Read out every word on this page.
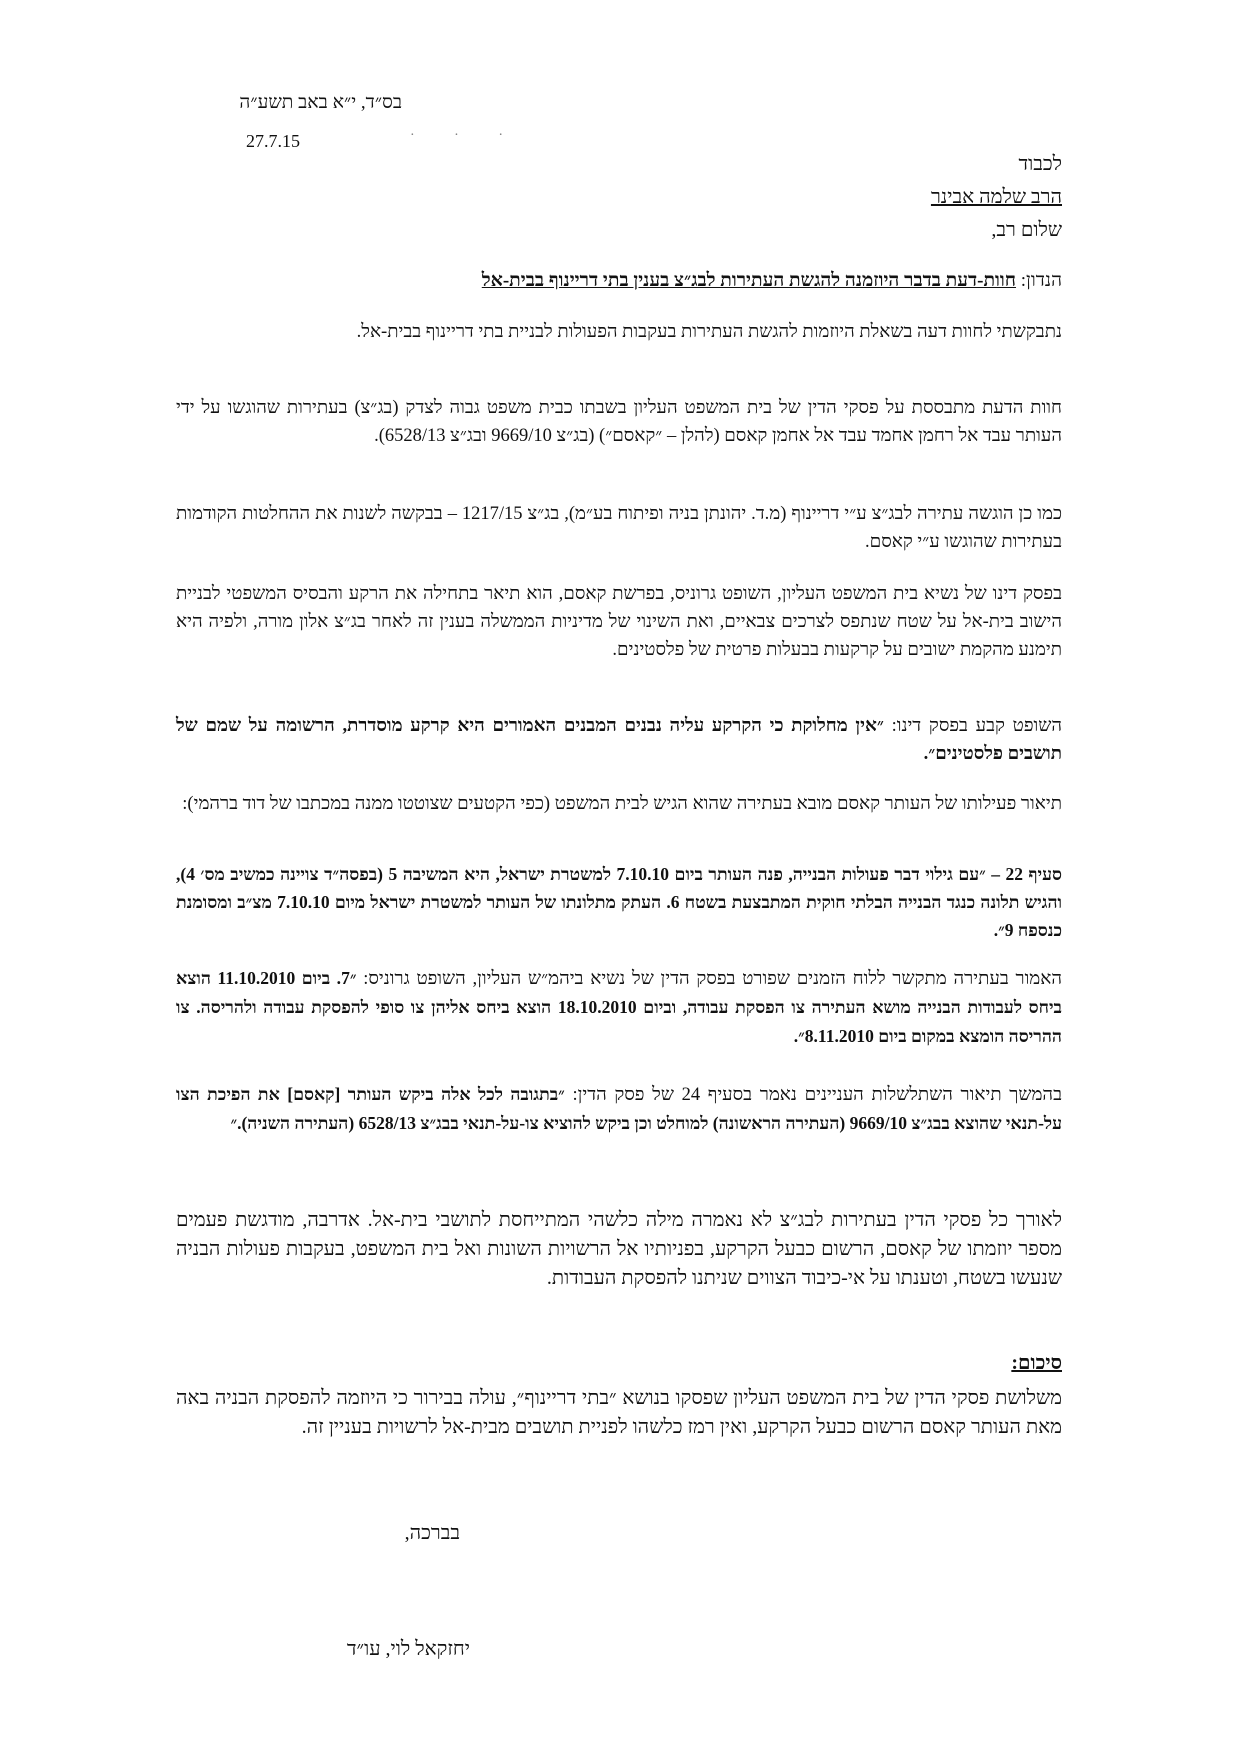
בס״ד, י״א באב תשע״ה
27.7.15	· · ·
לכבוד
הרב שלמה אבינר
שלום רב,
הנדון: חוות-דעת בדבר היוזמנה להגשת העתירות לבג״צ בענין בתי דריינוף בבית-אל
נתבקשתי לחוות דעה בשאלת היוזמות להגשת העתירות בעקבות הפעולות לבניית בתי דריינוף בבית-אל.
חוות הדעת מתבססת על פסקי הדין של בית המשפט העליון בשבתו כבית משפט גבוה לצדק (בג״צ) בעתירות שהוגשו על ידי העותר עבד אל רחמן אחמד עבד אל אחמן קאסם (להלן – ״קאסם״) (בג״צ 9669/10 ובג״צ 6528/13).
כמו כן הוגשה עתירה לבג״צ ע״י דריינוף (מ.ד. יהונתן בניה ופיתוח בע״מ), בג״צ 1217/15 – בבקשה לשנות את ההחלטות הקודמות בעתירות שהוגשו ע״י קאסם.
בפסק דינו של נשיא בית המשפט העליון, השופט גרוניס, בפרשת קאסם, הוא תיאר בתחילה את הרקע והבסיס המשפטי לבניית הישוב בית-אל על שטח שנתפס לצרכים צבאיים, ואת השינוי של מדיניות הממשלה בענין זה לאחר בג״צ אלון מורה, ולפיה היא תימנע מהקמת ישובים על קרקעות בבעלות פרטית של פלסטינים.
השופט קבע בפסק דינו: ״אין מחלוקת כי הקרקע עליה נבנים המבנים האמורים היא קרקע מוסדרת, הרשומה על שמם של תושבים פלסטינים״.
תיאור פעילותו של העותר קאסם מובא בעתירה שהוא הגיש לבית המשפט (כפי הקטעים שצוטטו ממנה במכתבו של דוד ברהמי):
סעיף 22 – ״עם גילוי דבר פעולות הבנייה, פנה העותר ביום 7.10.10 למשטרת ישראל, היא המשיבה 5 (בפסה״ד צויינה כמשיב מס׳ 4), והגיש תלונה כנגד הבנייה הבלתי חוקית המתבצעת בשטח 6. העתק מתלונתו של העותר למשטרת ישראל מיום 7.10.10 מצ״ב ומסומנת כנספח 9״.
האמור בעתירה מתקשר ללוח הזמנים שפורט בפסק הדין של נשיא ביהמ״ש העליון, השופט גרוניס: ״7. ביום 11.10.2010 הוצא ביחס לעבודות הבנייה מושא העתירה צו הפסקת עבודה, וביום 18.10.2010 הוצא ביחס אליהן צו סופי להפסקת עבודה ולהריסה. צו ההריסה הומצא במקום ביום 8.11.2010״.
בהמשך תיאור השתלשלות העניינים נאמר בסעיף 24 של פסק הדין: ״בתגובה לכל אלה ביקש העותר [קאסם] את הפיכת הצו על-תנאי שהוצא בבג״צ 9669/10 (העתירה הראשונה) למוחלט וכן ביקש להוציא צו-על-תנאי בבג״צ 6528/13 (העתירה השניה).״
לאורך כל פסקי הדין בעתירות לבג״צ לא נאמרה מילה כלשהי המתייחסת לתושבי בית-אל. אדרבה, מודגשת פעמים מספר יוזמתו של קאסם, הרשום כבעל הקרקע, בפניותיו אל הרשויות השונות ואל בית המשפט, בעקבות פעולות הבניה שנעשו בשטח, וטענתו על אי-כיבוד הצווים שניתנו להפסקת העבודות.
סיכום:
משלושת פסקי הדין של בית המשפט העליון שפסקו בנושא ״בתי דריינוף״, עולה בבירור כי היוזמה להפסקת הבניה באה מאת העותר קאסם הרשום כבעל הקרקע, ואין רמז כלשהו לפניית תושבים מבית-אל לרשויות בעניין זה.
בברכה,
יחזקאל לוי, עו״ד
